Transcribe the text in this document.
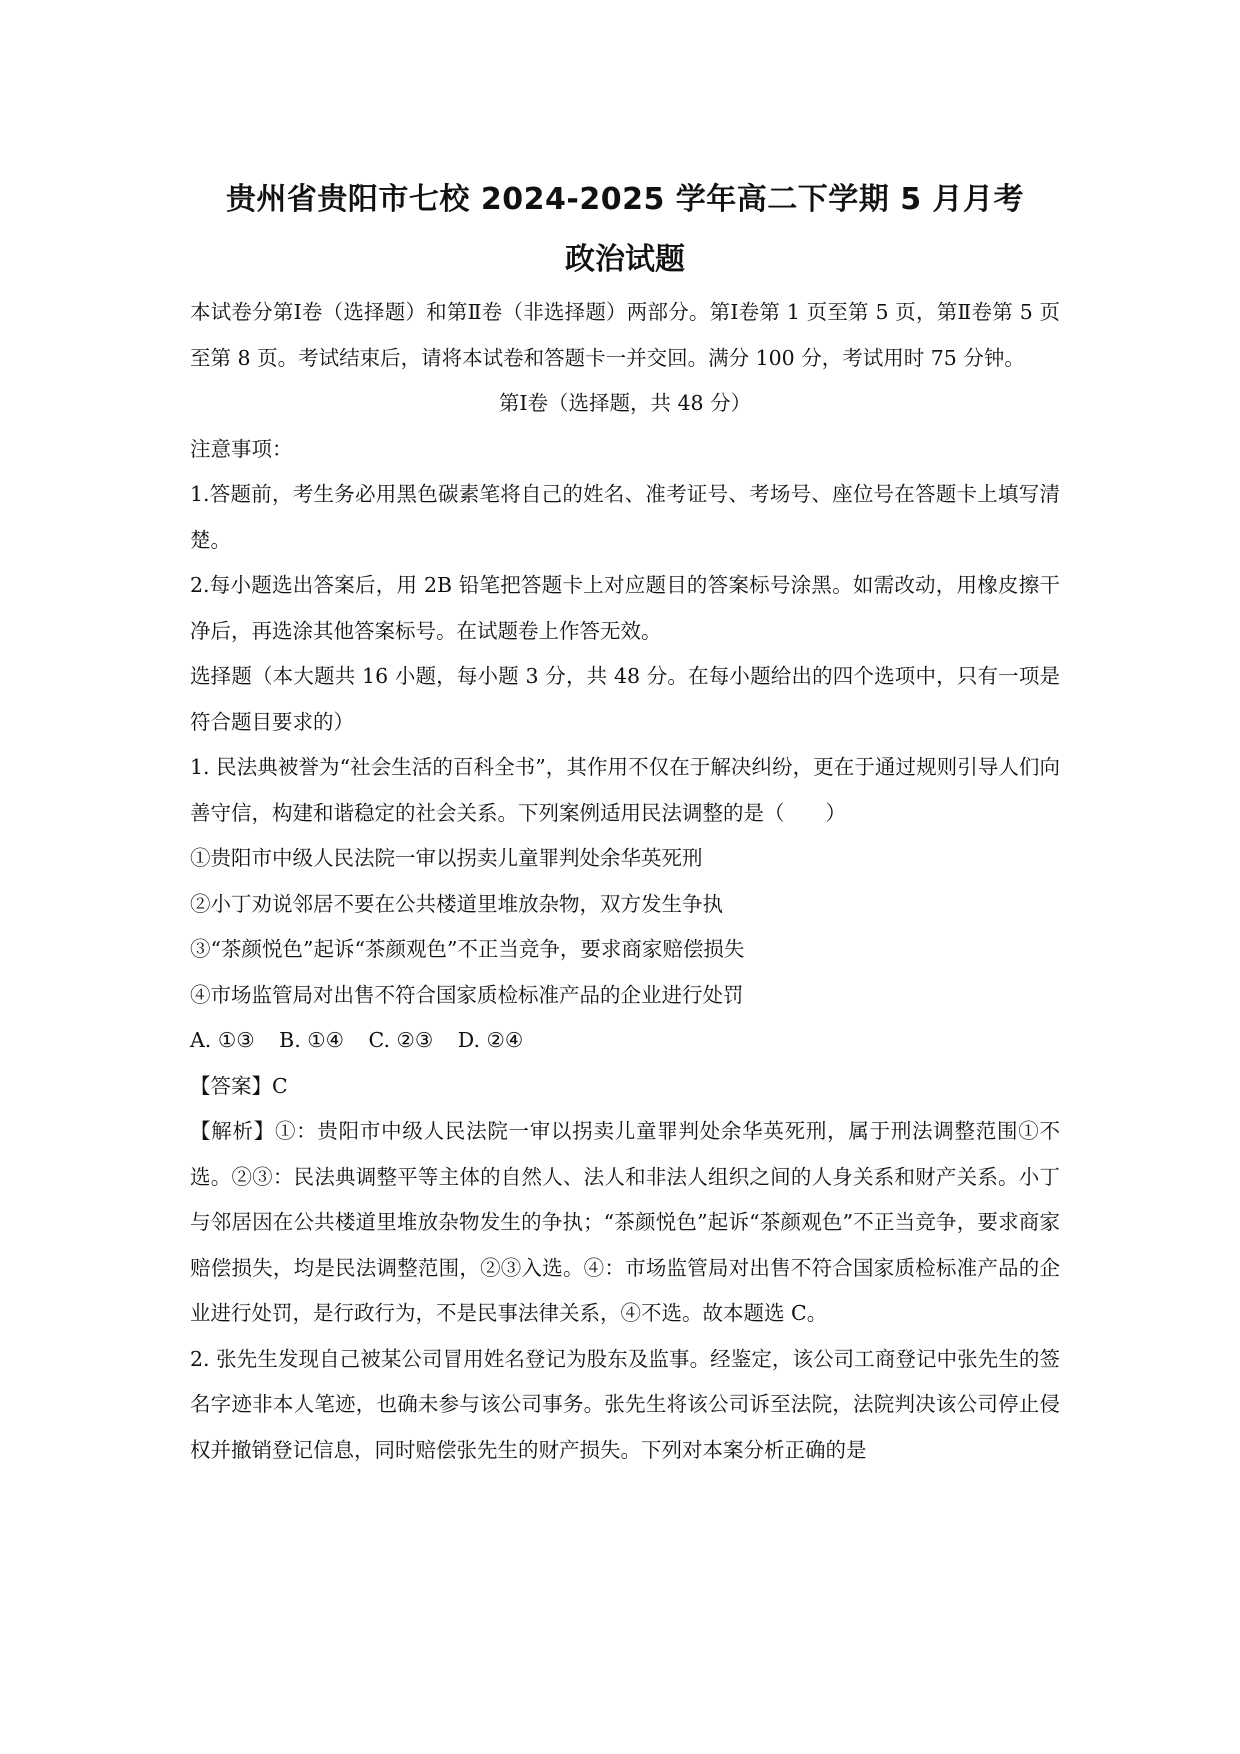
贵州省贵阳市七校 2024-2025 学年高二下学期 5 月月考
政治试题

本试卷分第Ⅰ卷（选择题）和第Ⅱ卷（非选择题）两部分。第Ⅰ卷第 1 页至第 5 页，第Ⅱ卷第 5 页至第 8 页。考试结束后，请将本试卷和答题卡一并交回。满分 100 分，考试用时 75 分钟。

第Ⅰ卷（选择题，共 48 分）

注意事项：

1.答题前，考生务必用黑色碳素笔将自己的姓名、准考证号、考场号、座位号在答题卡上填写清楚。

2.每小题选出答案后，用 2B 铅笔把答题卡上对应题目的答案标号涂黑。如需改动，用橡皮擦干净后，再选涂其他答案标号。在试题卷上作答无效。

选择题（本大题共 16 小题，每小题 3 分，共 48 分。在每小题给出的四个选项中，只有一项是符合题目要求的）

1. 民法典被誉为“社会生活的百科全书”，其作用不仅在于解决纠纷，更在于通过规则引导人们向善守信，构建和谐稳定的社会关系。下列案例适用民法调整的是（　　）

①贵阳市中级人民法院一审以拐卖儿童罪判处余华英死刑

②小丁劝说邻居不要在公共楼道里堆放杂物，双方发生争执

③“茶颜悦色”起诉“茶颜观色”不正当竞争，要求商家赔偿损失

④市场监管局对出售不符合国家质检标准产品的企业进行处罚

A. ①③ B. ①④ C. ②③ D. ②④

【答案】C

【解析】①：贵阳市中级人民法院一审以拐卖儿童罪判处余华英死刑，属于刑法调整范围①不选。②③：民法典调整平等主体的自然人、法人和非法人组织之间的人身关系和财产关系。小丁与邻居因在公共楼道里堆放杂物发生的争执；“茶颜悦色”起诉“茶颜观色”不正当竞争，要求商家赔偿损失，均是民法调整范围，②③入选。④：市场监管局对出售不符合国家质检标准产品的企业进行处罚，是行政行为，不是民事法律关系，④不选。故本题选 C。

2. 张先生发现自己被某公司冒用姓名登记为股东及监事。经鉴定，该公司工商登记中张先生的签名字迹非本人笔迹，也确未参与该公司事务。张先生将该公司诉至法院，法院判决该公司停止侵权并撤销登记信息，同时赔偿张先生的财产损失。下列对本案分析正确的是
